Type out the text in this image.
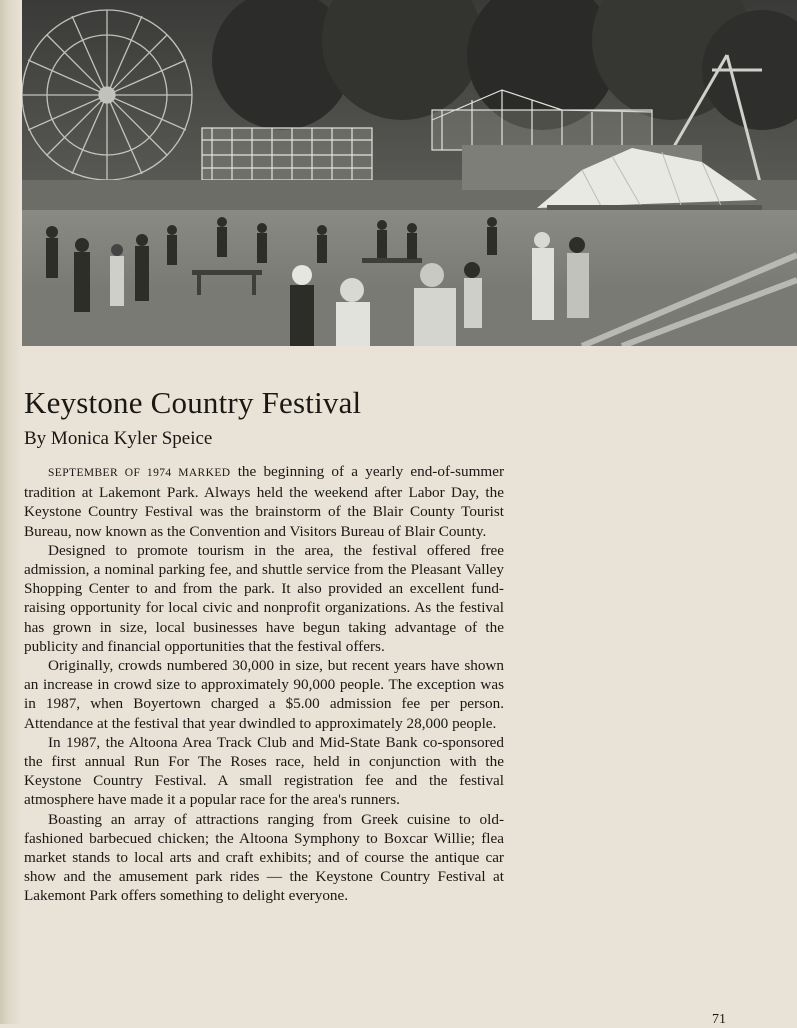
Keystone Country Festival
By Monica Kyler Speice

SEPTEMBER OF 1974 MARKED the beginning of a yearly end-of-summer tradition at Lakemont Park. Always held the weekend after Labor Day, the Keystone Country Festival was the brainstorm of the Blair County Tourist Bureau, now known as the Convention and Visitors Bureau of Blair County.

Designed to promote tourism in the area, the festival offered free admission, a nominal parking fee, and shuttle service from the Pleasant Valley Shopping Center to and from the park. It also provided an excellent fund-raising opportunity for local civic and nonprofit organizations. As the festival has grown in size, local businesses have begun taking advantage of the publicity and financial opportunities that the festival offers.

Originally, crowds numbered 30,000 in size, but recent years have shown an increase in crowd size to approximately 90,000 people. The exception was in 1987, when Boyertown charged a $5.00 admission fee per person. Attendance at the festival that year dwindled to approximately 28,000 people.

In 1987, the Altoona Area Track Club and Mid-State Bank co-sponsored the first annual Run For The Roses race, held in conjunction with the Keystone Country Festival. A small registration fee and the festival atmosphere have made it a popular race for the area's runners.

Boasting an array of attractions ranging from Greek cuisine to old-fashioned barbecued chicken; the Altoona Symphony to Boxcar Willie; flea market stands to local arts and craft exhibits; and of course the antique car show and the amusement park rides — the Keystone Country Festival at Lakemont Park offers something to delight everyone.

71
